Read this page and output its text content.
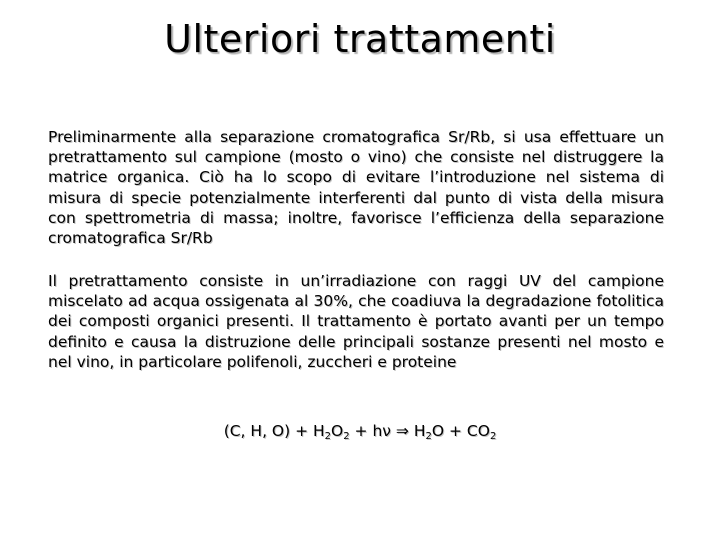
Ulteriori trattamenti

Preliminarmente alla separazione cromatografica Sr/Rb, si usa effettuare un pretrattamento sul campione (mosto o vino) che consiste nel distruggere la matrice organica. Ciò ha lo scopo di evitare l’introduzione nel sistema di misura di specie potenzialmente interferenti dal punto di vista della misura con spettrometria di massa; inoltre, favorisce l’efficienza della separazione cromatografica Sr/Rb

Il pretrattamento consiste in un’irradiazione con raggi UV del campione miscelato ad acqua ossigenata al 30%, che coadiuva la degradazione fotolitica dei composti organici presenti. Il trattamento è portato avanti per un tempo definito e causa la distruzione delle principali sostanze presenti nel mosto e nel vino, in particolare polifenoli, zuccheri e proteine

(C, H, $O) + H_2O_2 + h\nu$ ⇒ $H_2O + CO_2$
